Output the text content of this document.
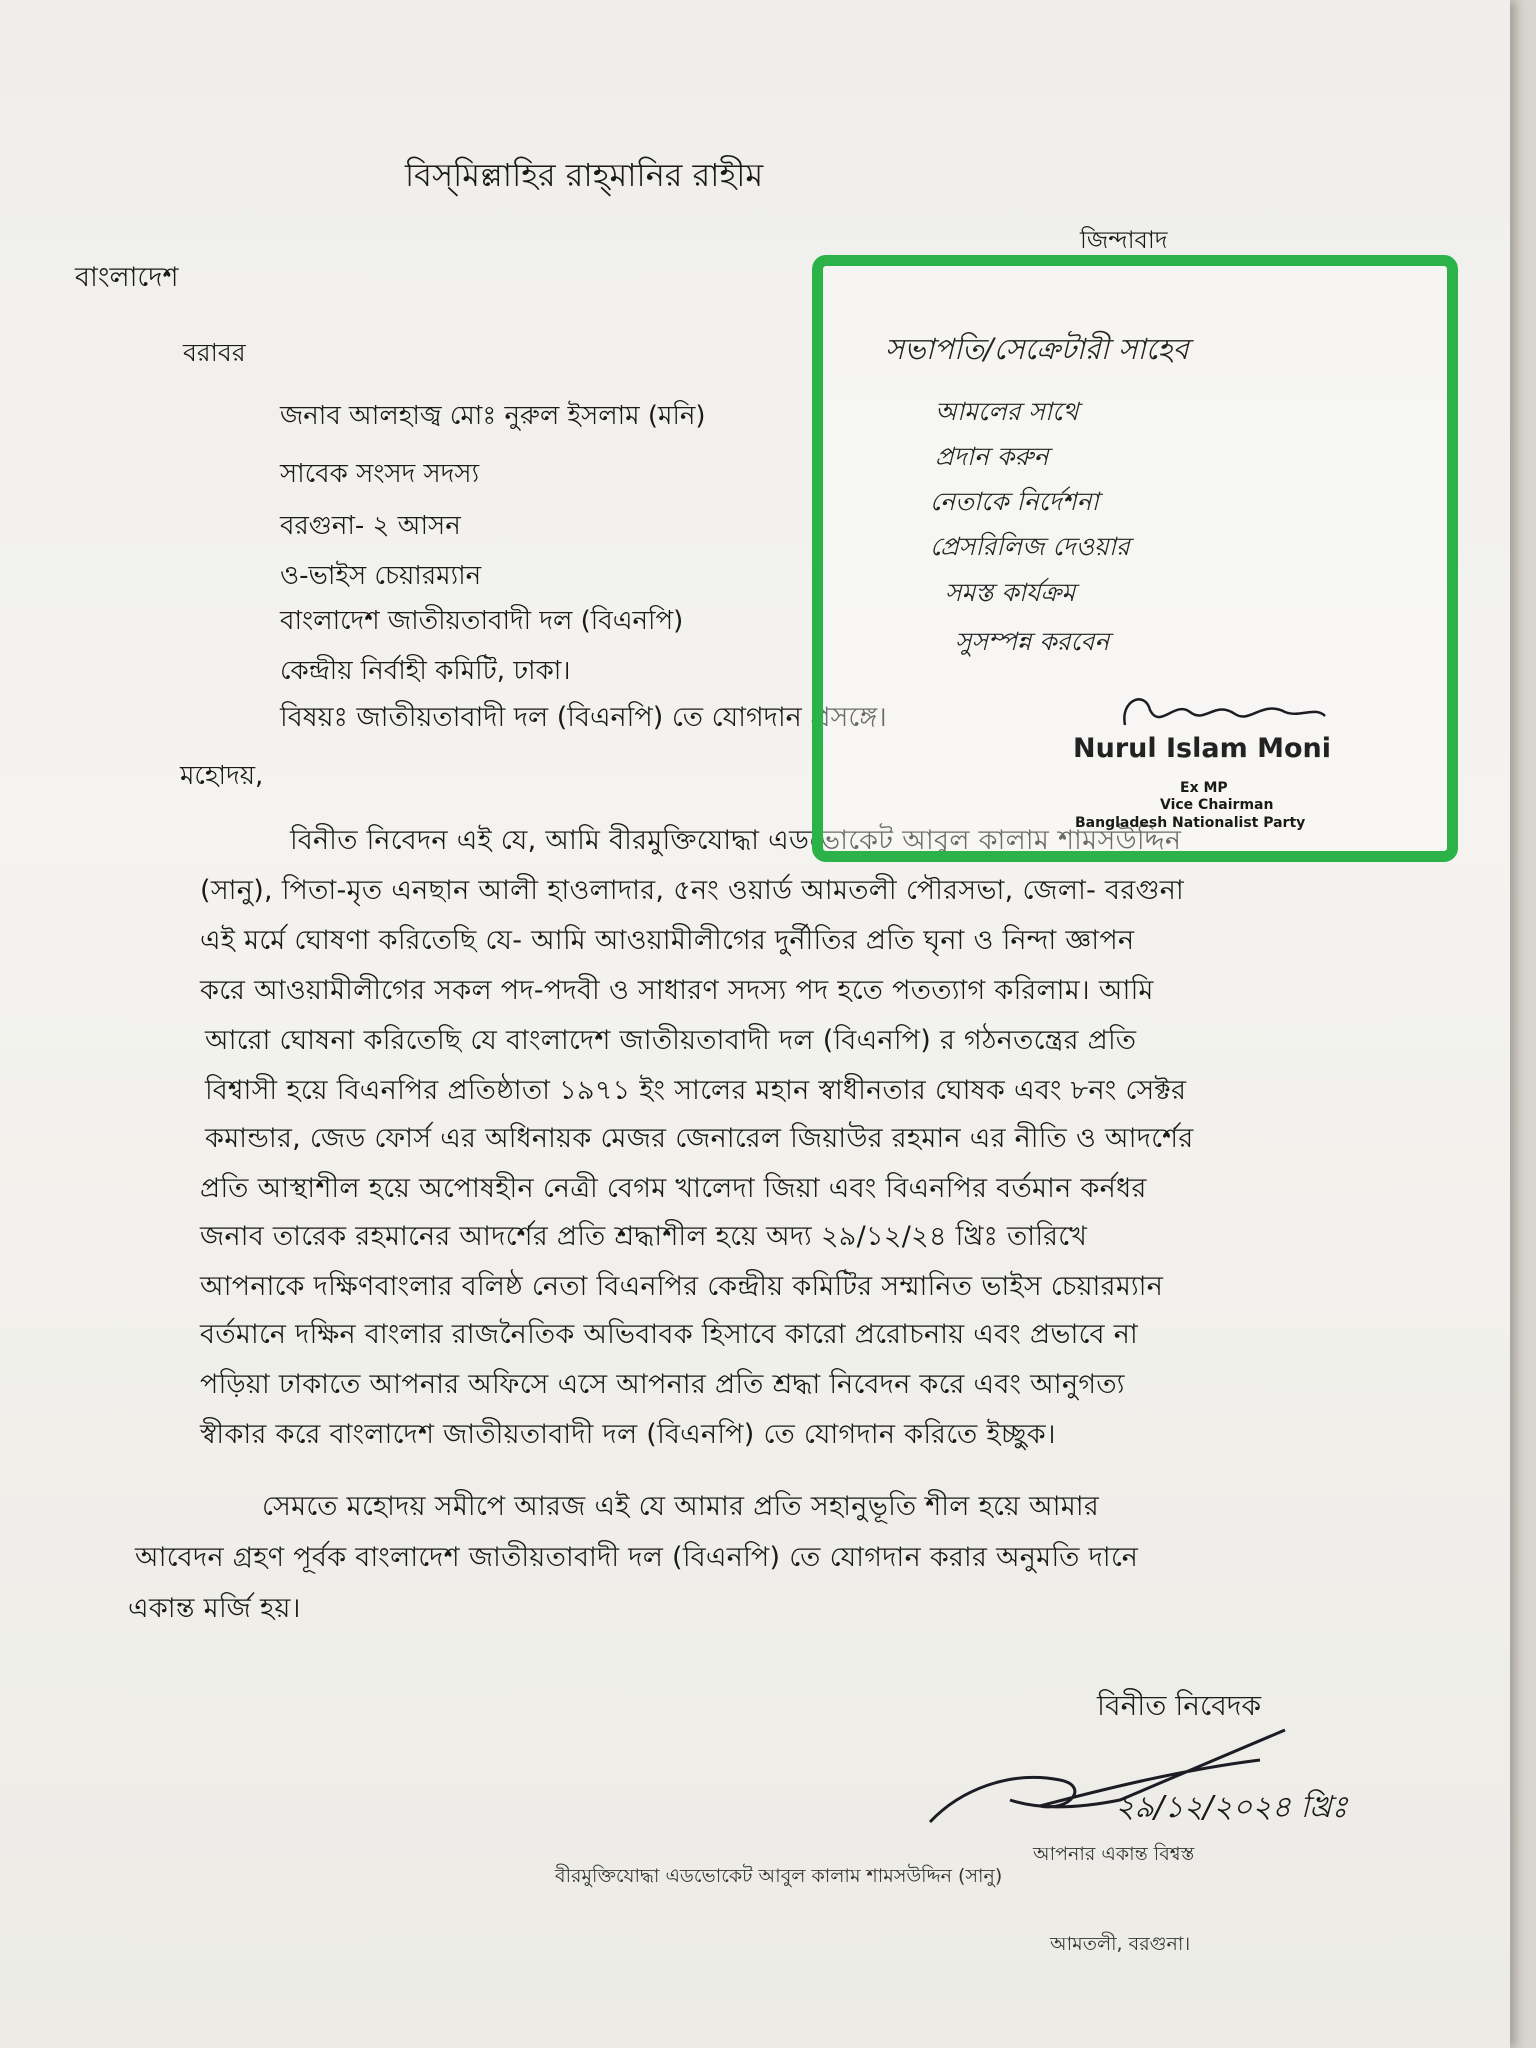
বিস্‌মিল্লাহির রাহ্‌মানির রাহীম
জিন্দাবাদ
বাংলাদেশ
বরাবর
জনাব আলহাজ্ব মোঃ নুরুল ইসলাম (মনি)
সাবেক সংসদ সদস্য
বরগুনা- ২ আসন
ও-ভাইস চেয়ারম্যান
বাংলাদেশ জাতীয়তাবাদী দল (বিএনপি)
কেন্দ্রীয় নির্বাহী কমিটি, ঢাকা।
বিষয়ঃ জাতীয়তাবাদী দল (বিএনপি) তে যোগদান প্রসঙ্গে।
মহোদয়,
বিনীত নিবেদন এই যে, আমি বীরমুক্তিযোদ্ধা এডভোকেট আবুল কালাম শামসউদ্দিন
(সানু), পিতা-মৃত এনছান আলী হাওলাদার, ৫নং ওয়ার্ড আমতলী পৌরসভা, জেলা- বরগুনা
এই মর্মে ঘোষণা করিতেছি যে- আমি আওয়ামীলীগের দুর্নীতির প্রতি ঘৃনা ও নিন্দা জ্ঞাপন
করে আওয়ামীলীগের সকল পদ-পদবী ও সাধারণ সদস্য পদ হতে পতত্যাগ করিলাম। আমি
আরো ঘোষনা করিতেছি যে বাংলাদেশ জাতীয়তাবাদী দল (বিএনপি) র গঠনতন্ত্রের প্রতি
বিশ্বাসী হয়ে বিএনপির প্রতিষ্ঠাতা ১৯৭১ ইং সালের মহান স্বাধীনতার ঘোষক এবং ৮নং সেক্টর
কমান্ডার, জেড ফোর্স এর অধিনায়ক মেজর জেনারেল জিয়াউর রহমান এর নীতি ও আদর্শের
প্রতি আস্থাশীল হয়ে অপোষহীন নেত্রী বেগম খালেদা জিয়া এবং বিএনপির বর্তমান কর্নধর
জনাব তারেক রহমানের আদর্শের প্রতি শ্রদ্ধাশীল হয়ে অদ্য ২৯/১২/২৪ খ্রিঃ তারিখে
আপনাকে দক্ষিণবাংলার বলিষ্ঠ নেতা বিএনপির কেন্দ্রীয় কমিটির সম্মানিত ভাইস চেয়ারম্যান
বর্তমানে দক্ষিন বাংলার রাজনৈতিক অভিবাবক হিসাবে কারো প্ররোচনায় এবং প্রভাবে না
পড়িয়া ঢাকাতে আপনার অফিসে এসে আপনার প্রতি শ্রদ্ধা নিবেদন করে এবং আনুগত্য
স্বীকার করে বাংলাদেশ জাতীয়তাবাদী দল (বিএনপি) তে যোগদান করিতে ইচ্ছুক।
সেমতে মহোদয় সমীপে আরজ এই যে আমার প্রতি সহানুভূতি শীল হয়ে আমার
আবেদন গ্রহণ পূর্বক বাংলাদেশ জাতীয়তাবাদী দল (বিএনপি) তে যোগদান করার অনুমতি দানে
একান্ত মর্জি হয়।
বিনীত নিবেদক
২৯/১২/২০২৪ খ্রিঃ
আপনার একান্ত বিশ্বস্ত
বীরমুক্তিযোদ্ধা এডভোকেট আবুল কালাম শামসউদ্দিন (সানু)
আমতলী, বরগুনা।
সভাপতি/সেক্রেটারী সাহেব
আমলের সাথে
প্রদান করুন
নেতাকে নির্দেশনা
প্রেসরিলিজ দেওয়ার
সমস্ত কার্যক্রম
সুসম্পন্ন করবেন
Nurul Islam Moni
Ex MP
Vice Chairman
Bangladesh Nationalist Party
